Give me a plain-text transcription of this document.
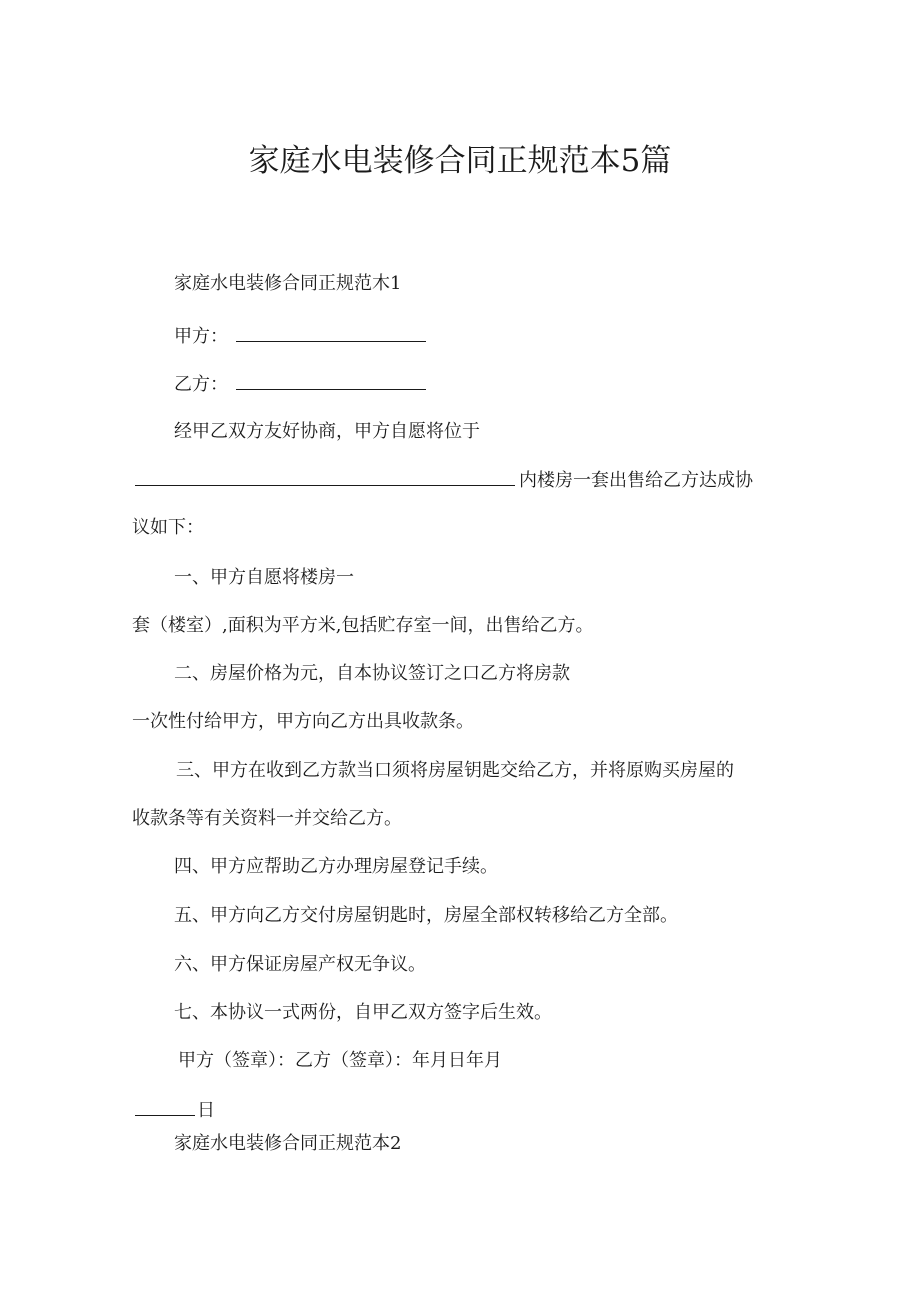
家庭水电装修合同正规范本5篇
家庭水电装修合同正规范木1
甲方：
乙方：
经甲乙双方友好协商，甲方自愿将位于
内楼房一套出售给乙方达成协
议如下：
一、甲方自愿将楼房一
套（楼室）,面积为平方米,包括贮存室一间，出售给乙方。
二、房屋价格为元，自本协议签订之口乙方将房款
一次性付给甲方，甲方向乙方出具收款条。
三、甲方在收到乙方款当口须将房屋钥匙交给乙方，并将原购买房屋的
收款条等有关资料一并交给乙方。
四、甲方应帮助乙方办理房屋登记手续。
五、甲方向乙方交付房屋钥匙时，房屋全部权转移给乙方全部。
六、甲方保证房屋产权无争议。
七、本协议一式两份，自甲乙双方签字后生效。
甲方（签章）：乙方（签章）：年月日年月
日
家庭水电装修合同正规范本2
